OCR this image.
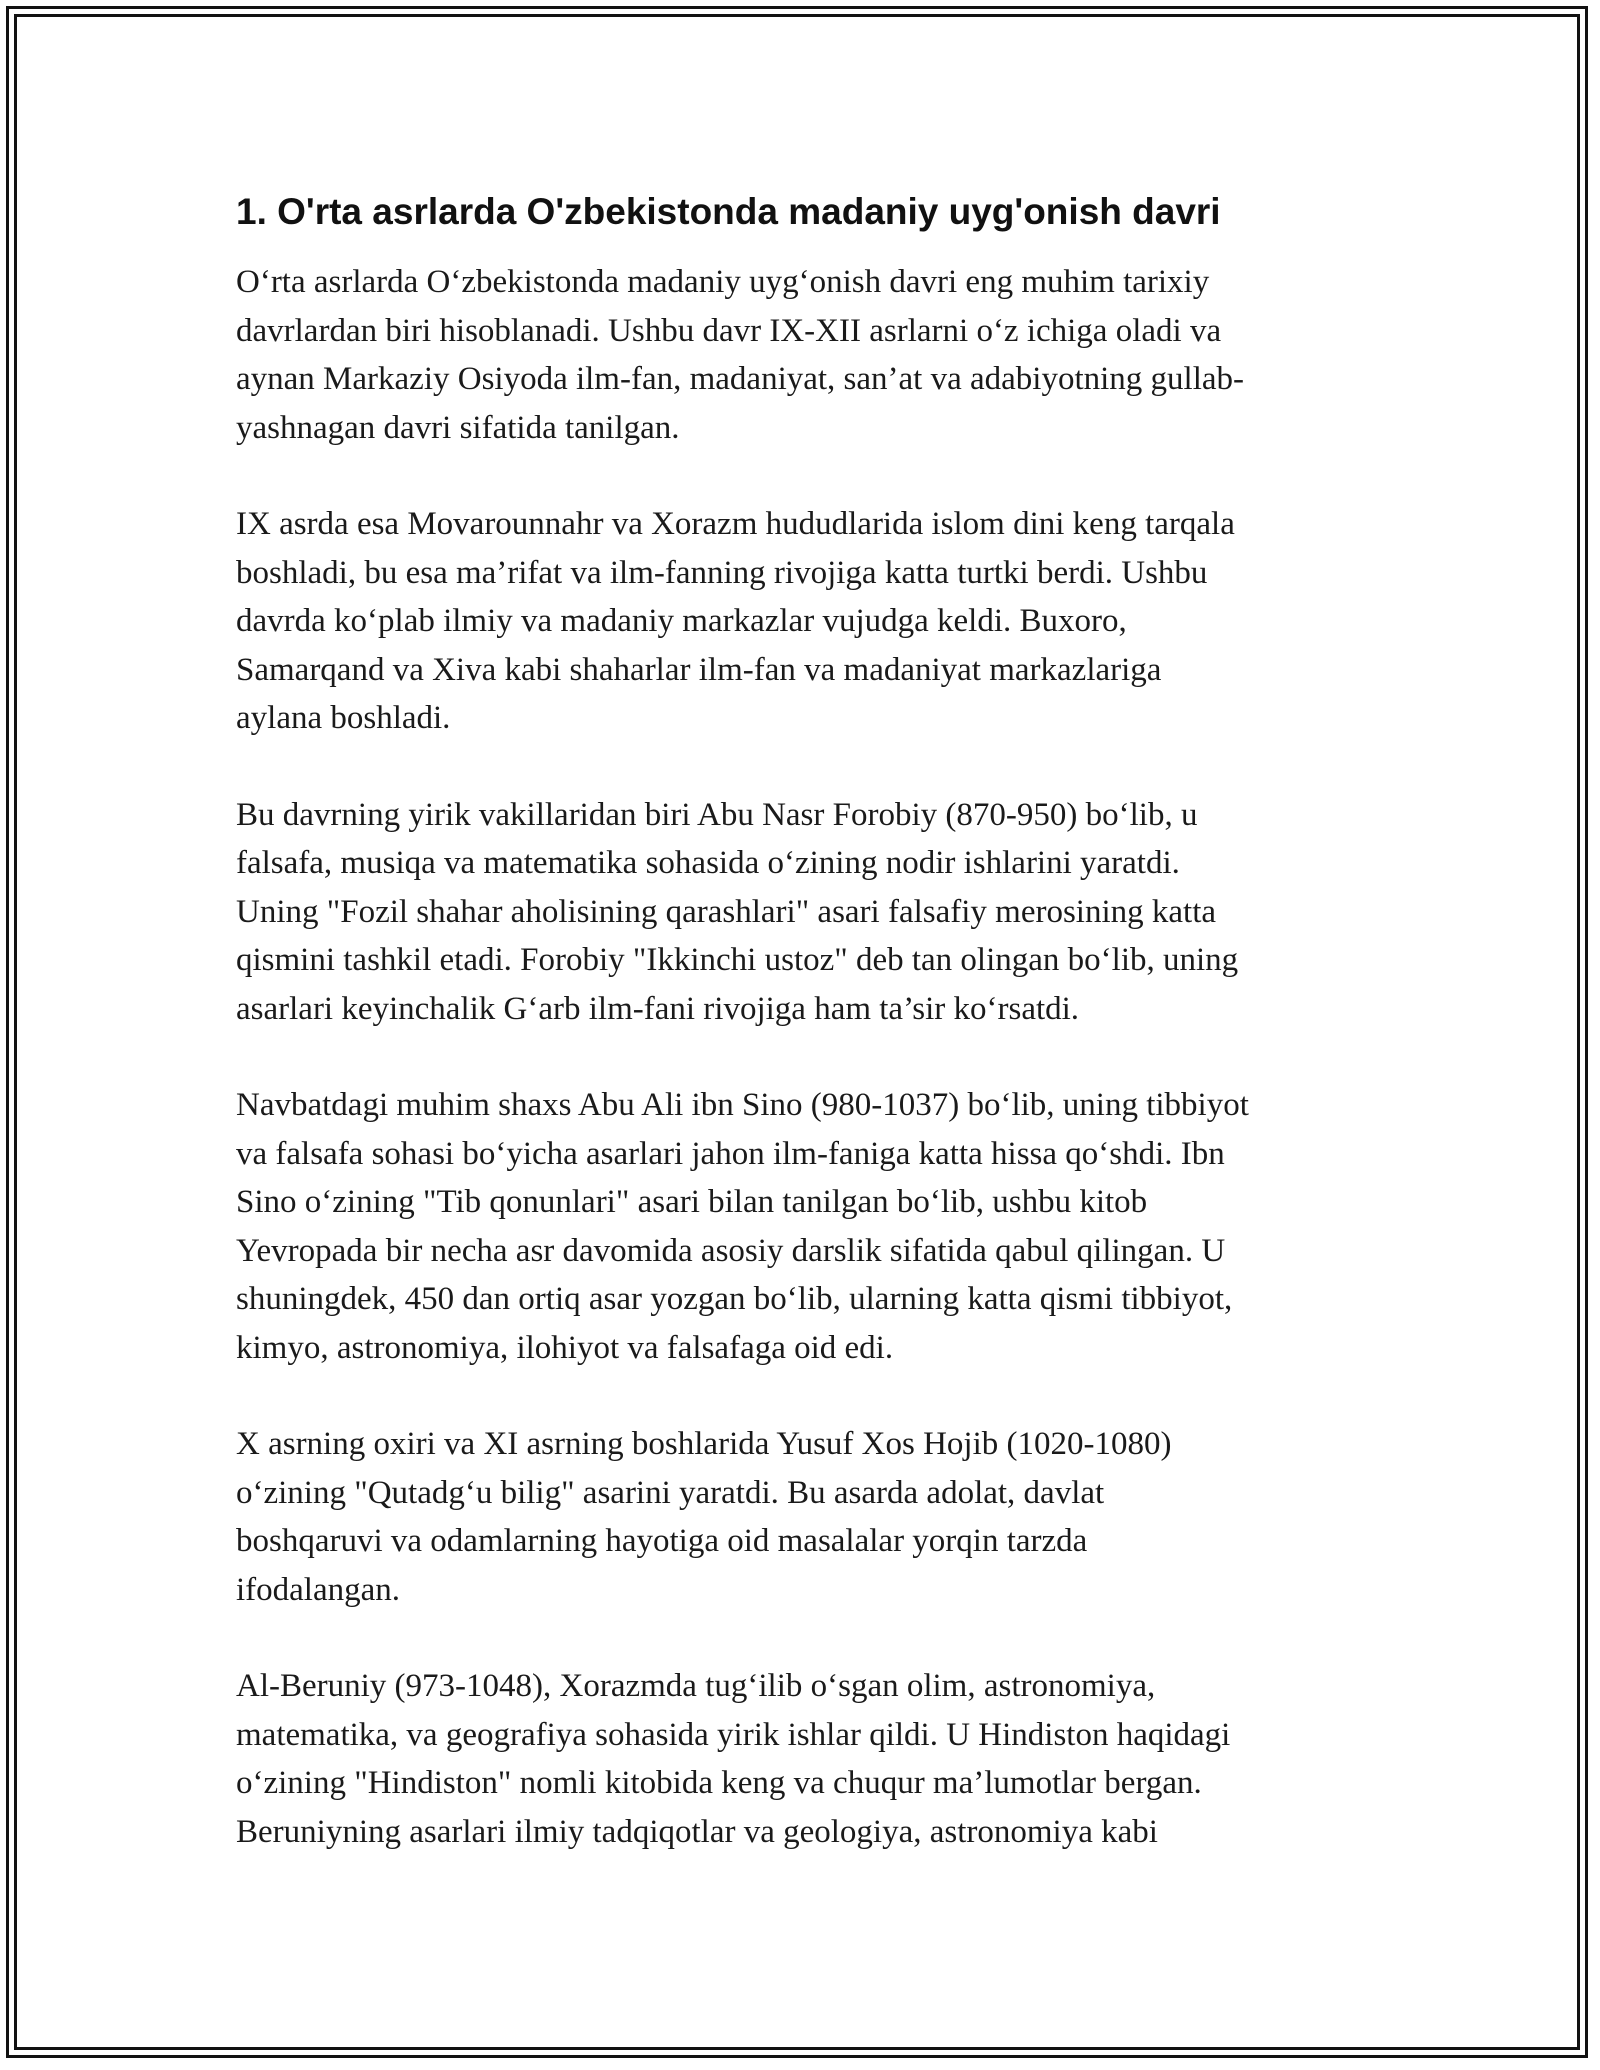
1. O'rta asrlarda O'zbekistonda madaniy uyg'onish davri

O‘rta asrlarda O‘zbekistonda madaniy uyg‘onish davri eng muhim tarixiy
davrlardan biri hisoblanadi. Ushbu davr IX-XII asrlarni o‘z ichiga oladi va
aynan Markaziy Osiyoda ilm-fan, madaniyat, san’at va adabiyotning gullab-
yashnagan davri sifatida tanilgan.

IX asrda esa Movarounnahr va Xorazm hududlarida islom dini keng tarqala
boshladi, bu esa ma’rifat va ilm-fanning rivojiga katta turtki berdi. Ushbu
davrda ko‘plab ilmiy va madaniy markazlar vujudga keldi. Buxoro,
Samarqand va Xiva kabi shaharlar ilm-fan va madaniyat markazlariga
aylana boshladi.

Bu davrning yirik vakillaridan biri Abu Nasr Forobiy (870-950) bo‘lib, u
falsafa, musiqa va matematika sohasida o‘zining nodir ishlarini yaratdi.
Uning "Fozil shahar aholisining qarashlari" asari falsafiy merosining katta
qismini tashkil etadi. Forobiy "Ikkinchi ustoz" deb tan olingan bo‘lib, uning
asarlari keyinchalik G‘arb ilm-fani rivojiga ham ta’sir ko‘rsatdi.

Navbatdagi muhim shaxs Abu Ali ibn Sino (980-1037) bo‘lib, uning tibbiyot
va falsafa sohasi bo‘yicha asarlari jahon ilm-faniga katta hissa qo‘shdi. Ibn
Sino o‘zining "Tib qonunlari" asari bilan tanilgan bo‘lib, ushbu kitob
Yevropada bir necha asr davomida asosiy darslik sifatida qabul qilingan. U
shuningdek, 450 dan ortiq asar yozgan bo‘lib, ularning katta qismi tibbiyot,
kimyo, astronomiya, ilohiyot va falsafaga oid edi.

X asrning oxiri va XI asrning boshlarida Yusuf Xos Hojib (1020-1080)
o‘zining "Qutadg‘u bilig" asarini yaratdi. Bu asarda adolat, davlat
boshqaruvi va odamlarning hayotiga oid masalalar yorqin tarzda
ifodalangan.

Al-Beruniy (973-1048), Xorazmda tug‘ilib o‘sgan olim, astronomiya,
matematika, va geografiya sohasida yirik ishlar qildi. U Hindiston haqidagi
o‘zining "Hindiston" nomli kitobida keng va chuqur ma’lumotlar bergan.
Beruniyning asarlari ilmiy tadqiqotlar va geologiya, astronomiya kabi
